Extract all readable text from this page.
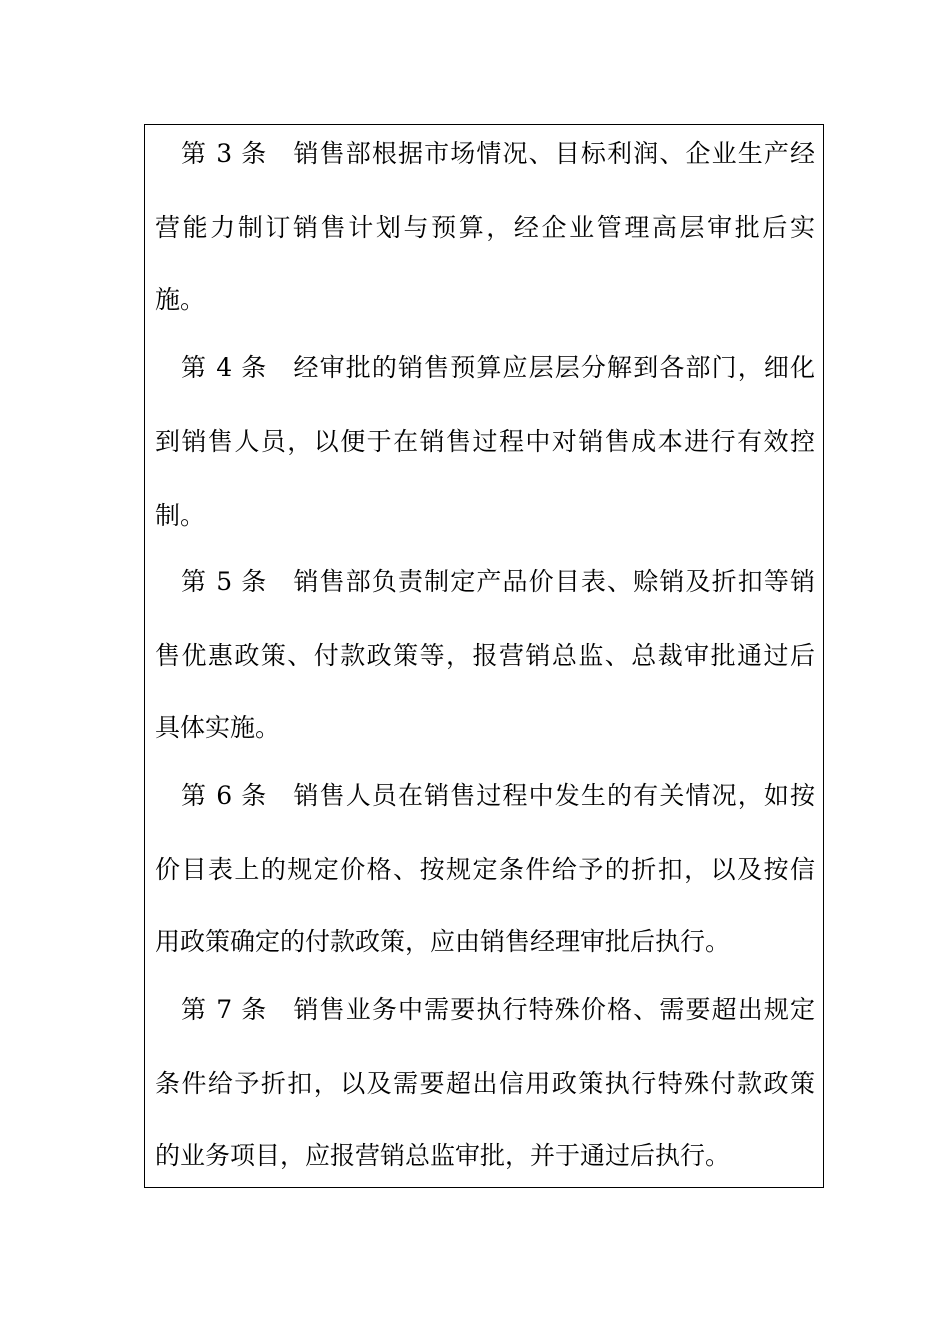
第 3 条　销售部根据市场情况、目标利润、企业生产经
营能力制订销售计划与预算，经企业管理高层审批后实
施。
第 4 条　经审批的销售预算应层层分解到各部门，细化
到销售人员，以便于在销售过程中对销售成本进行有效控
制。
第 5 条　销售部负责制定产品价目表、赊销及折扣等销
售优惠政策、付款政策等，报营销总监、总裁审批通过后
具体实施。
第 6 条　销售人员在销售过程中发生的有关情况，如按
价目表上的规定价格、按规定条件给予的折扣，以及按信
用政策确定的付款政策，应由销售经理审批后执行。
第 7 条　销售业务中需要执行特殊价格、需要超出规定
条件给予折扣，以及需要超出信用政策执行特殊付款政策
的业务项目，应报营销总监审批，并于通过后执行。
